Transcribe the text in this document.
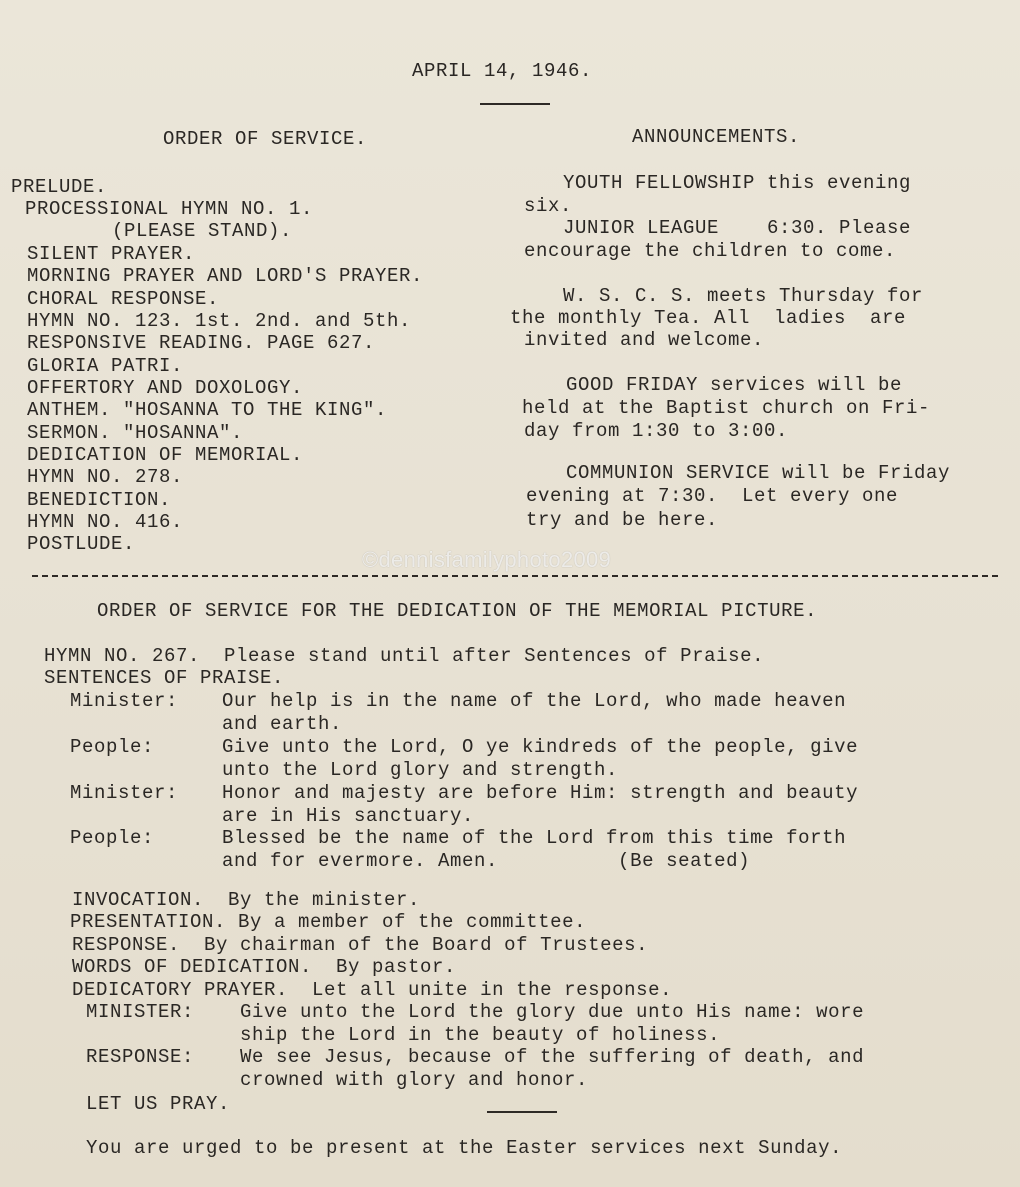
APRIL 14, 1946.
ORDER OF SERVICE.	ANNOUNCEMENTS.
PRELUDE.
PROCESSIONAL HYMN NO. 1.
(PLEASE STAND).
SILENT PRAYER.
MORNING PRAYER AND LORD'S PRAYER.
CHORAL RESPONSE.
HYMN NO. 123. 1st. 2nd. and 5th.
RESPONSIVE READING. PAGE 627.
GLORIA PATRI.
OFFERTORY AND DOXOLOGY.
ANTHEM. "HOSANNA TO THE KING".
SERMON. "HOSANNA".
DEDICATION OF MEMORIAL.
HYMN NO. 278.
BENEDICTION.
HYMN NO. 416.
POSTLUDE.
YOUTH FELLOWSHIP this evening
six.
JUNIOR LEAGUE    6:30. Please
encourage the children to come.
W. S. C. S. meets Thursday for
the monthly Tea. All  ladies  are
invited and welcome.
GOOD FRIDAY services will be
held at the Baptist church on Fri-
day from 1:30 to 3:00.
COMMUNION SERVICE will be Friday
evening at 7:30.  Let every one
try and be here.
©dennisfamilyphoto2009
ORDER OF SERVICE FOR THE DEDICATION OF THE MEMORIAL PICTURE.
HYMN NO. 267.  Please stand until after Sentences of Praise.
SENTENCES OF PRAISE.
Minister: Our help is in the name of the Lord, who made heaven
and earth.
People:	Give unto the Lord, O ye kindreds of the people, give
unto the Lord glory and strength.
Minister: Honor and majesty are before Him: strength and beauty
are in His sanctuary.
People:	Blessed be the name of the Lord from this time forth
and for evermore. Amen.          (Be seated)
INVOCATION.  By the minister.
PRESENTATION. By a member of the committee.
RESPONSE.  By chairman of the Board of Trustees.
WORDS OF DEDICATION.  By pastor.
DEDICATORY PRAYER.  Let all unite in the response.
MINISTER: Give unto the Lord the glory due unto His name: wore
ship the Lord in the beauty of holiness.
RESPONSE: We see Jesus, because of the suffering of death, and
crowned with glory and honor.
LET US PRAY.
You are urged to be present at the Easter services next Sunday.
